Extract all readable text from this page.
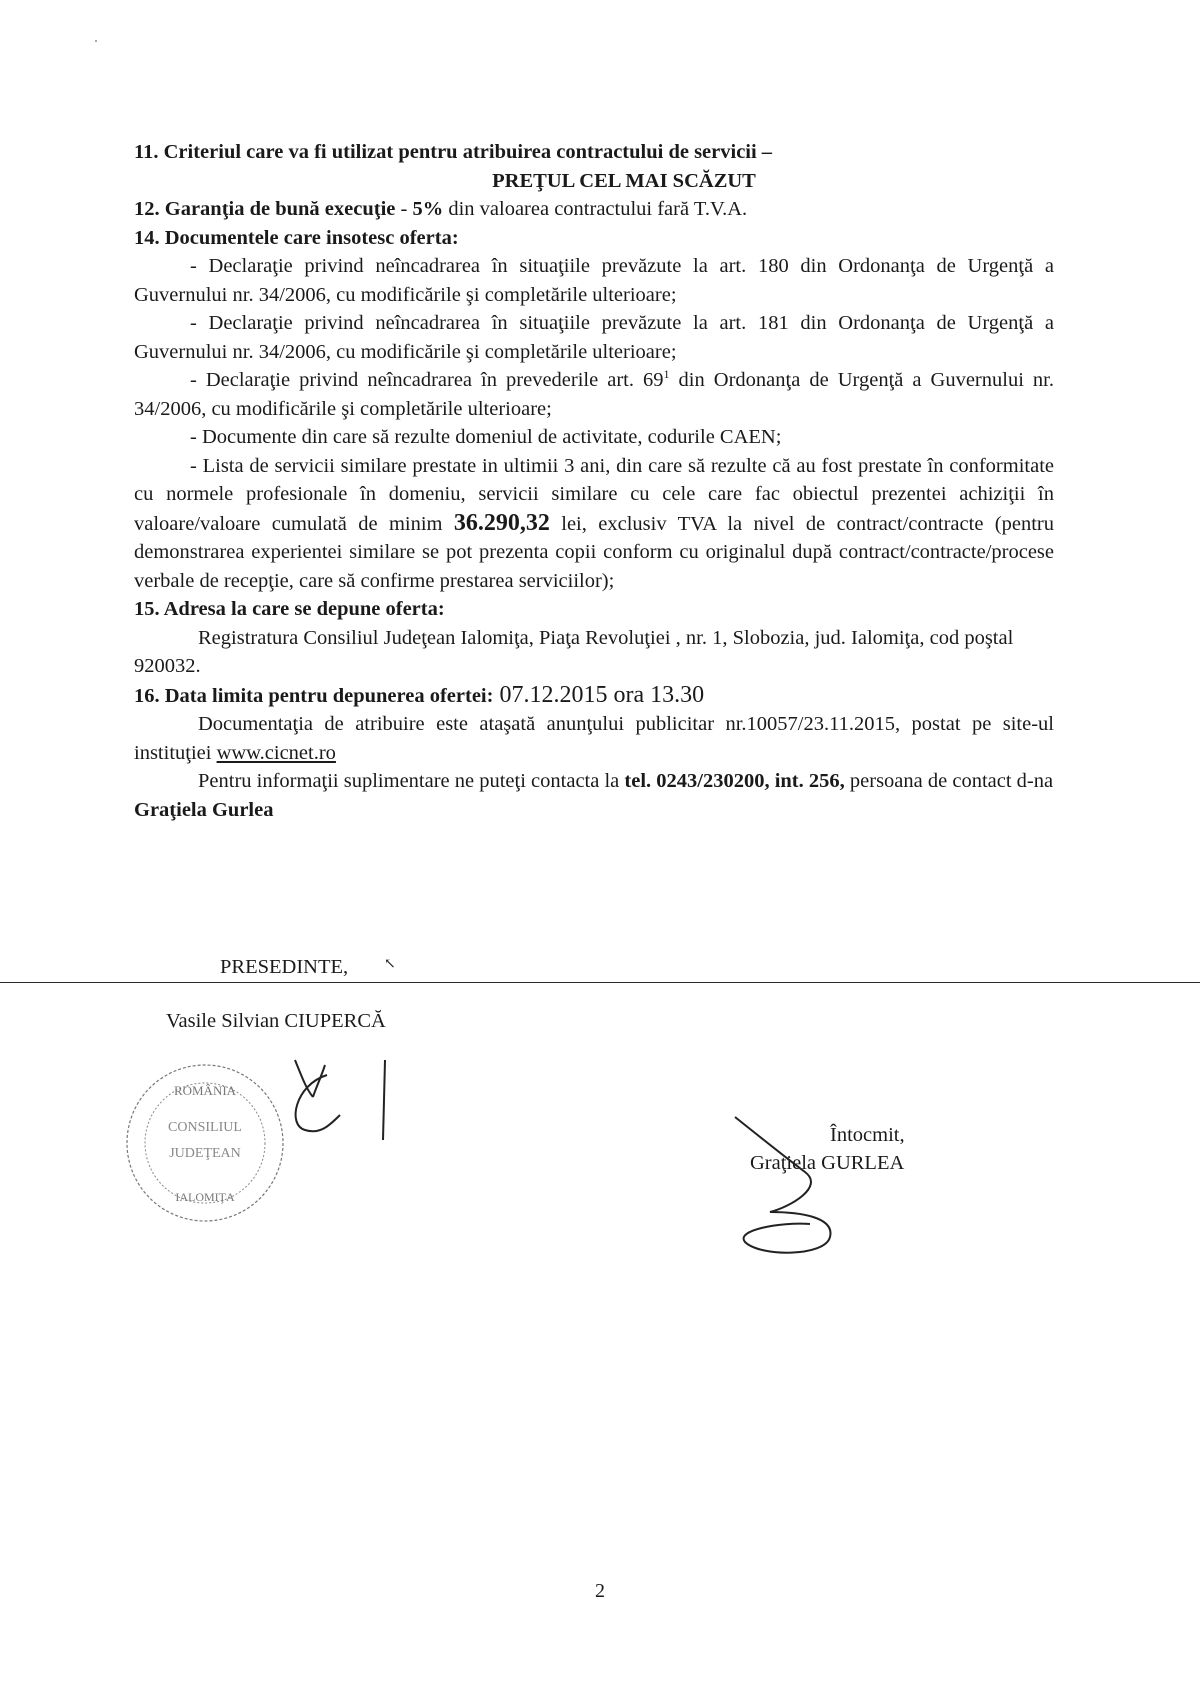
11. Criteriul care va fi utilizat pentru atribuirea contractului de servicii –

PREŢUL CEL MAI SCĂZUT

12. Garanţia de bună execuţie - 5% din valoarea contractului fară T.V.A.

14. Documentele care insotesc oferta:

- Declaraţie privind neîncadrarea în situaţiile prevăzute la art. 180 din Ordonanţa de Urgenţă a Guvernului nr. 34/2006, cu modificările şi completările ulterioare;

- Declaraţie privind neîncadrarea în situaţiile prevăzute la art. 181 din Ordonanţa de Urgenţă a Guvernului nr. 34/2006, cu modificările şi completările ulterioare;

- Declaraţie privind neîncadrarea în prevederile art. $69^1$ din Ordonanţa de Urgenţă a Guvernului nr. 34/2006, cu modificările şi completările ulterioare;

- Documente din care să rezulte domeniul de activitate, codurile CAEN;

- Lista de servicii similare prestate in ultimii 3 ani, din care să rezulte că au fost prestate în conformitate cu normele profesionale în domeniu, servicii similare cu cele care fac obiectul prezentei achiziţii în valoare/valoare cumulată de minim 36.290,32 lei, exclusiv TVA la nivel de contract/contracte (pentru demonstrarea experientei similare se pot prezenta copii conform cu originalul după contract/contracte/procese verbale de recepţie, care să confirme prestarea serviciilor);

15. Adresa la care se depune oferta:

Registratura Consiliul Judeţean Ialomiţa, Piaţa Revoluţiei , nr. 1, Slobozia, jud. Ialomiţa, cod poştal 920032.

16. Data limita pentru depunerea ofertei: 07.12.2015 ora 13.30

Documentaţia de atribuire este ataşată anunţului publicitar nr.10057/23.11.2015, postat pe site-ul instituţiei www.cicnet.ro

Pentru informaţii suplimentare ne puteţi contacta la tel. 0243/230200, int. 256, persoana de contact d-na Graţiela Gurlea

PRESEDINTE,	↖
Vasile Silvian CIUPERCĂ
ROMÂNIA
CONSILIUL
JUDEŢEAN
IALOMIŢA
Întocmit,
Graţiela GURLEA
2
